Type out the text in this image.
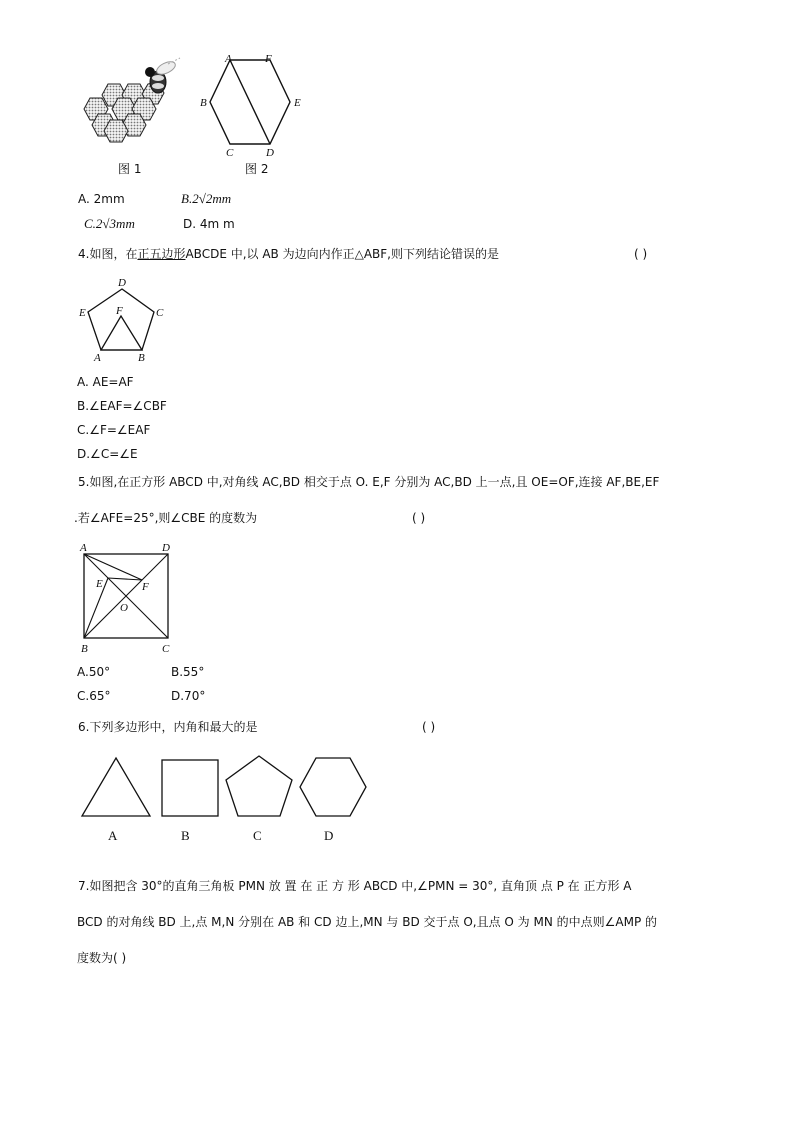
图 1
A	F
B	E
C	D
图 2
A. 2mm	B.2√2mm
C.2√3mm	D. 4m m
4.如图，在正五边形ABCDE 中,以 AB 为边向内作正△ABF,则下列结论错误的是	( )
D
E	C
F
A	B
A. AE=AF
B.∠EAF=∠CBF
C.∠F=∠EAF
D.∠C=∠E
5.如图,在正方形 ABCD 中,对角线 AC,BD 相交于点 O. E,F 分别为 AC,BD 上一点,且 OE=OF,连接 AF,BE,EF
.若∠AFE=25°,则∠CBE 的度数为	( )
A	D
E	F
O
B	C
A.50°	B.55°
C.65°	D.70°
6.下列多边形中，内角和最大的是	( )
A	B	C	D
7.如图把含 30°的直角三角板 PMN 放 置 在 正 方 形 ABCD 中,∠PMN = 30°, 直角顶 点 P 在 正方形 A
BCD 的对角线 BD 上,点 M,N 分别在 AB 和 CD 边上,MN 与 BD 交于点 O,且点 O 为 MN 的中点则∠AMP 的
度数为( )
